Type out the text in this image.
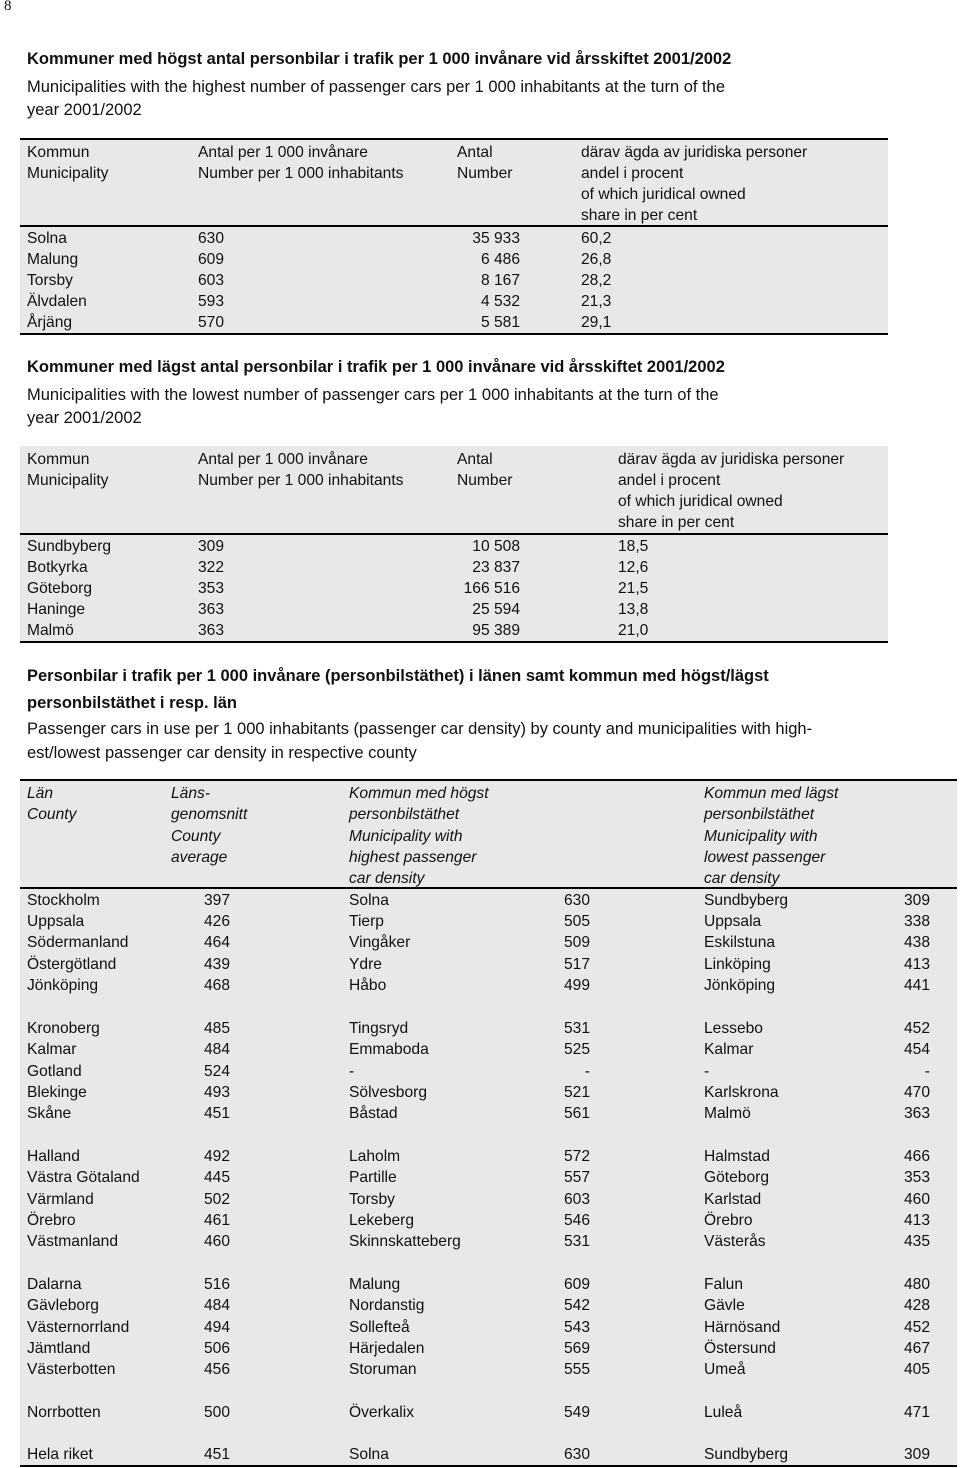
8
Kommuner med högst antal personbilar i trafik per 1 000 invånare vid årsskiftet 2001/2002
Municipalities with the highest number of passenger cars per 1 000 inhabitants at the turn of the
year 2001/2002
Kommun
Municipality
Antal per 1 000 invånare
Number per 1 000 inhabitants
Antal
Number
därav ägda av juridiska personer
andel i procent
of which juridical owned
share in per cent
Solna	630	35 933	60,2
Malung	609	6 486	26,8
Torsby	603	8 167	28,2
Älvdalen	593	4 532	21,3
Årjäng	570	5 581	29,1
Kommuner med lägst antal personbilar i trafik per 1 000 invånare vid årsskiftet 2001/2002
Municipalities with the lowest number of passenger cars per 1 000 inhabitants at the turn of the
year 2001/2002
Kommun
Municipality
Antal per 1 000 invånare
Number per 1 000 inhabitants
Antal
Number
därav ägda av juridiska personer
andel i procent
of which juridical owned
share in per cent
Sundbyberg	309	10 508	18,5
Botkyrka	322	23 837	12,6
Göteborg	353	166 516	21,5
Haninge	363	25 594	13,8
Malmö	363	95 389	21,0
Personbilar i trafik per 1 000 invånare (personbilstäthet) i länen samt kommun med högst/lägst
personbilstäthet i resp. län
Passenger cars in use per 1 000 inhabitants (passenger car density) by county and municipalities with high-
est/lowest passenger car density in respective county
Län
County
Läns-
genomsnitt
County
average
Kommun med högst
personbilstäthet
Municipality with
highest passenger
car density
Kommun med lägst
personbilstäthet
Municipality with
lowest passenger
car density
Stockholm	397	Solna	630	Sundbyberg	309
Uppsala	426	Tierp	505	Uppsala	338
Södermanland	464	Vingåker	509	Eskilstuna	438
Östergötland	439	Ydre	517	Linköping	413
Jönköping	468	Håbo	499	Jönköping	441
Kronoberg	485	Tingsryd	531	Lessebo	452
Kalmar	484	Emmaboda	525	Kalmar	454
Gotland	524	-	-	-	-
Blekinge	493	Sölvesborg	521	Karlskrona	470
Skåne	451	Båstad	561	Malmö	363
Halland	492	Laholm	572	Halmstad	466
Västra Götaland	445	Partille	557	Göteborg	353
Värmland	502	Torsby	603	Karlstad	460
Örebro	461	Lekeberg	546	Örebro	413
Västmanland	460	Skinnskatteberg	531	Västerås	435
Dalarna	516	Malung	609	Falun	480
Gävleborg	484	Nordanstig	542	Gävle	428
Västernorrland	494	Sollefteå	543	Härnösand	452
Jämtland	506	Härjedalen	569	Östersund	467
Västerbotten	456	Storuman	555	Umeå	405
Norrbotten	500	Överkalix	549	Luleå	471
Hela riket	451	Solna	630	Sundbyberg	309
